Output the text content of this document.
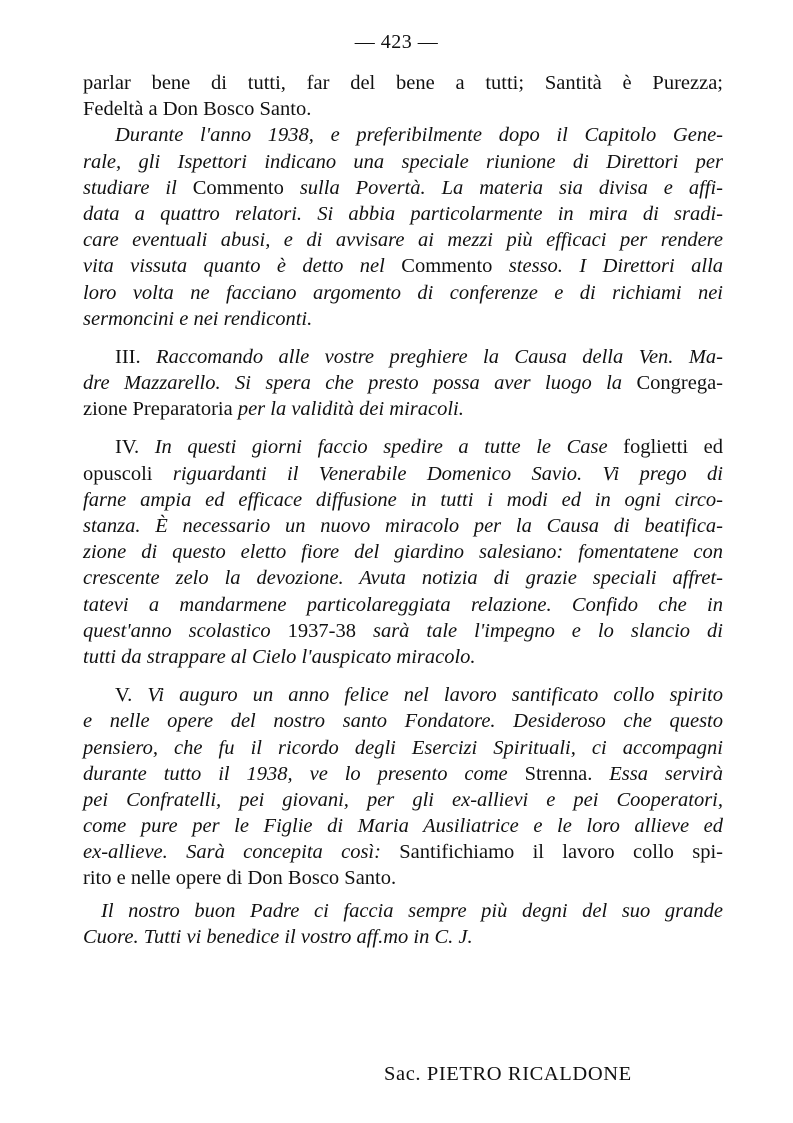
— 423 —
parlar bene di tutti, far del bene a tutti; Santità è Purezza;
Fedeltà a Don Bosco Santo.
Durante l'anno 1938, e preferibilmente dopo il Capitolo Gene-
rale, gli Ispettori indicano una speciale riunione di Direttori per
studiare il Commento sulla Povertà. La materia sia divisa e affi-
data a quattro relatori. Si abbia particolarmente in mira di sradi-
care eventuali abusi, e di avvisare ai mezzi più efficaci per rendere
vita vissuta quanto è detto nel Commento stesso. I Direttori alla
loro volta ne facciano argomento di conferenze e di richiami nei
sermoncini e nei rendiconti.
III. Raccomando alle vostre preghiere la Causa della Ven. Ma-
dre Mazzarello. Si spera che presto possa aver luogo la Congrega-
zione Preparatoria per la validità dei miracoli.
IV. In questi giorni faccio spedire a tutte le Case foglietti ed
opuscoli riguardanti il Venerabile Domenico Savio. Vi prego di
farne ampia ed efficace diffusione in tutti i modi ed in ogni circo-
stanza. È necessario un nuovo miracolo per la Causa di beatifica-
zione di questo eletto fiore del giardino salesiano: fomentatene con
crescente zelo la devozione. Avuta notizia di grazie speciali affret-
tatevi a mandarmene particolareggiata relazione. Confido che in
quest'anno scolastico 1937-38 sarà tale l'impegno e lo slancio di
tutti da strappare al Cielo l'auspicato miracolo.
V. Vi auguro un anno felice nel lavoro santificato collo spirito
e nelle opere del nostro santo Fondatore. Desideroso che questo
pensiero, che fu il ricordo degli Esercizi Spirituali, ci accompagni
durante tutto il 1938, ve lo presento come Strenna. Essa servirà
pei Confratelli, pei giovani, per gli ex-allievi e pei Cooperatori,
come pure per le Figlie di Maria Ausiliatrice e le loro allieve ed
ex-allieve. Sarà concepita così: Santifichiamo il lavoro collo spi-
rito e nelle opere di Don Bosco Santo.
Il nostro buon Padre ci faccia sempre più degni del suo grande
Cuore. Tutti vi benedice il vostro aff.mo in C. J.
Sac. PIETRO RICALDONE
